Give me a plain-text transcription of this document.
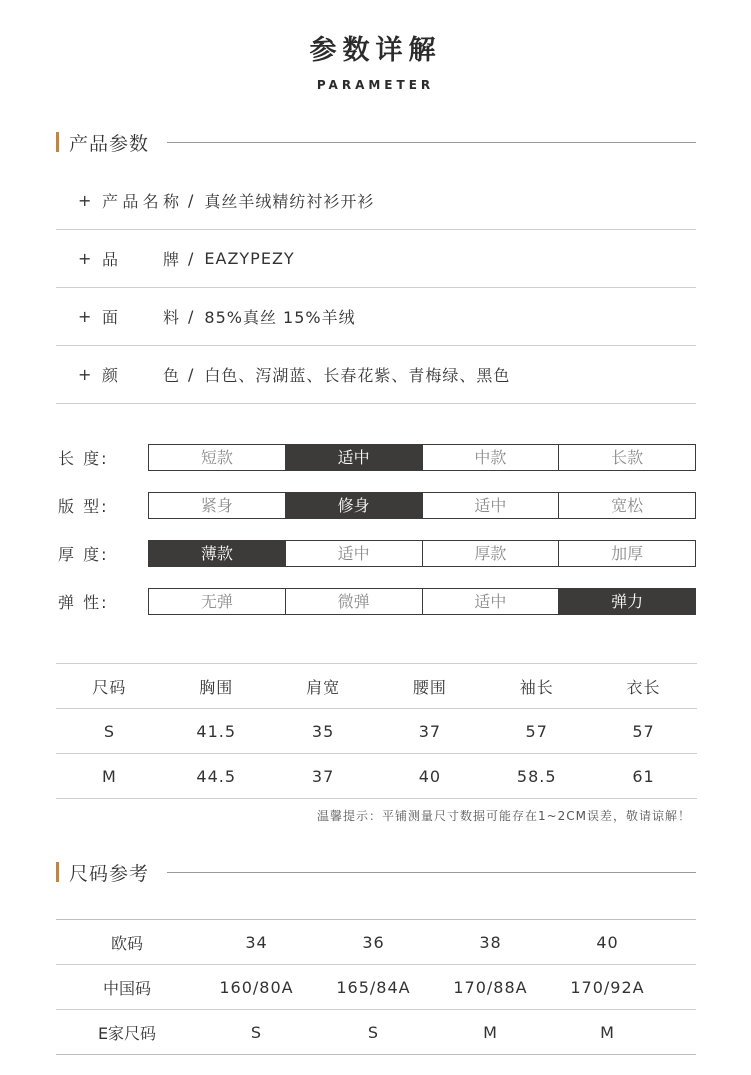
参数详解
PARAMETER
产品参数
+ 产 品 名 称 / 真丝羊绒精纺衬衫开衫
+ 品	牌 / EAZYPEZY
+ 面	料 / 85%真丝 15%羊绒
+ 颜	色 / 白色、泻湖蓝、长春花紫、青梅绿、黑色
长 度:	短款	适中	中款	长款
版 型:	紧身	修身	适中	宽松
厚 度:	薄款	适中	厚款	加厚
弹 性:	无弹	微弹	适中	弹力
尺码	胸围	肩宽	腰围	袖长	衣长
S	41.5	35	37	57	57
M	44.5	37	40	58.5	61
温馨提示：平铺测量尺寸数据可能存在1~2CM误差，敬请谅解！
尺码参考
欧码	34	36	38	40
中国码	160/80A	165/84A	170/88A	170/92A
E家尺码	S	S	M	M
